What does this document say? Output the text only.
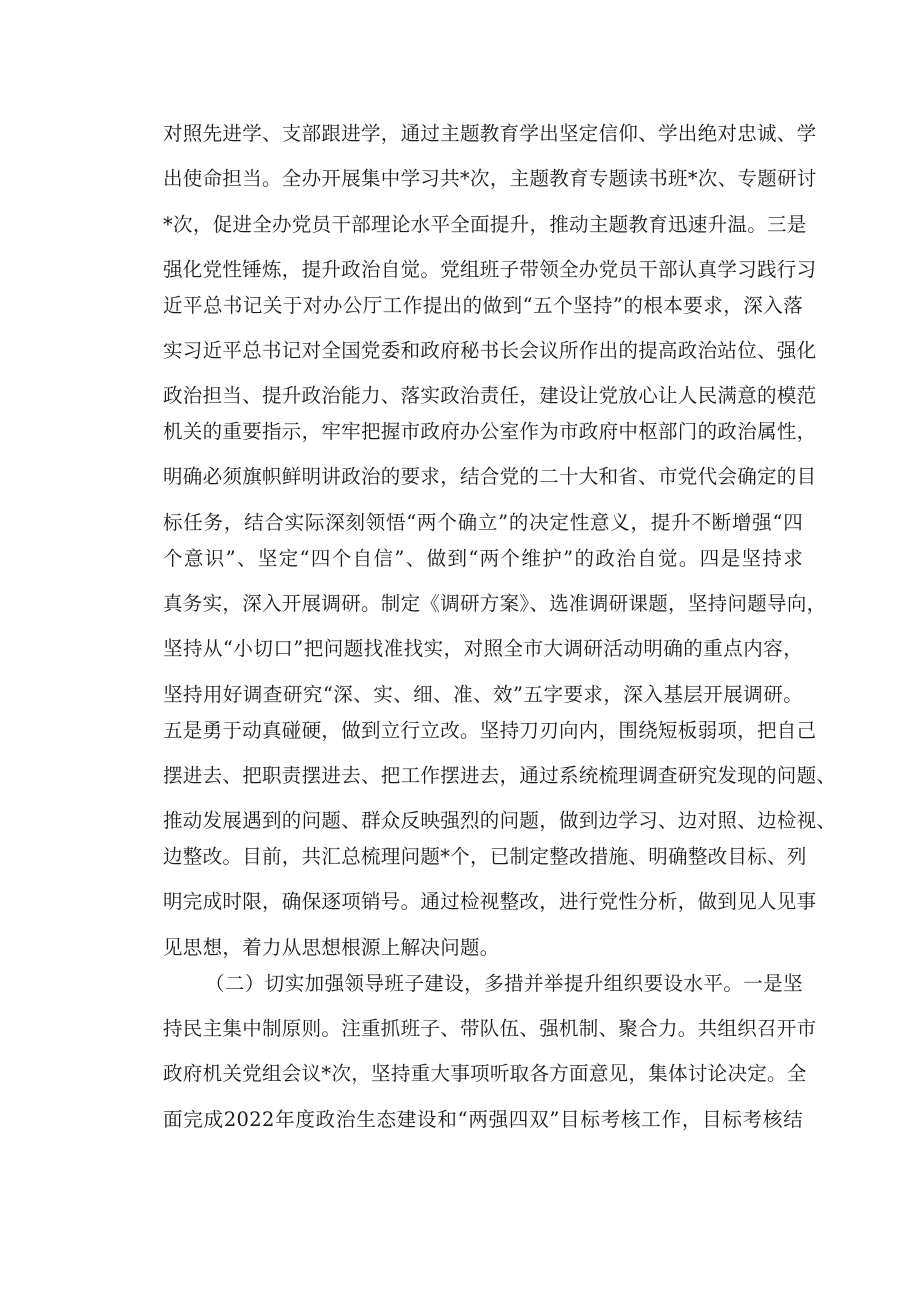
对照先进学、支部跟进学，通过主题教育学出坚定信仰、学出绝对忠诚、学
出使命担当。全办开展集中学习共*次，主题教育专题读书班*次、专题研讨
*次，促进全办党员干部理论水平全面提升，推动主题教育迅速升温。三是
强化党性锤炼，提升政治自觉。党组班子带领全办党员干部认真学习践行习
近平总书记关于对办公厅工作提出的做到“五个坚持”的根本要求，深入落
实习近平总书记对全国党委和政府秘书长会议所作出的提高政治站位、强化
政治担当、提升政治能力、落实政治责任，建设让党放心让人民满意的模范
机关的重要指示，牢牢把握市政府办公室作为市政府中枢部门的政治属性，
明确必须旗帜鲜明讲政治的要求，结合党的二十大和省、市党代会确定的目
标任务，结合实际深刻领悟“两个确立”的决定性意义，提升不断增强“四
个意识”、坚定“四个自信”、做到“两个维护”的政治自觉。四是坚持求
真务实，深入开展调研。制定《调研方案》、选准调研课题，坚持问题导向，
坚持从“小切口”把问题找准找实，对照全市大调研活动明确的重点内容，
坚持用好调查研究“深、实、细、准、效”五字要求，深入基层开展调研。
五是勇于动真碰硬，做到立行立改。坚持刀刃向内，围绕短板弱项，把自己
摆进去、把职责摆进去、把工作摆进去，通过系统梳理调查研究发现的问题、
推动发展遇到的问题、群众反映强烈的问题，做到边学习、边对照、边检视、
边整改。目前，共汇总梳理问题*个，已制定整改措施、明确整改目标、列
明完成时限，确保逐项销号。通过检视整改，进行党性分析，做到见人见事
见思想，着力从思想根源上解决问题。
（二）切实加强领导班子建设，多措并举提升组织要设水平。一是坚
持民主集中制原则。注重抓班子、带队伍、强机制、聚合力。共组织召开市
政府机关党组会议*次，坚持重大事项听取各方面意见，集体讨论决定。全
面完成2022年度政治生态建设和“两强四双”目标考核工作，目标考核结
